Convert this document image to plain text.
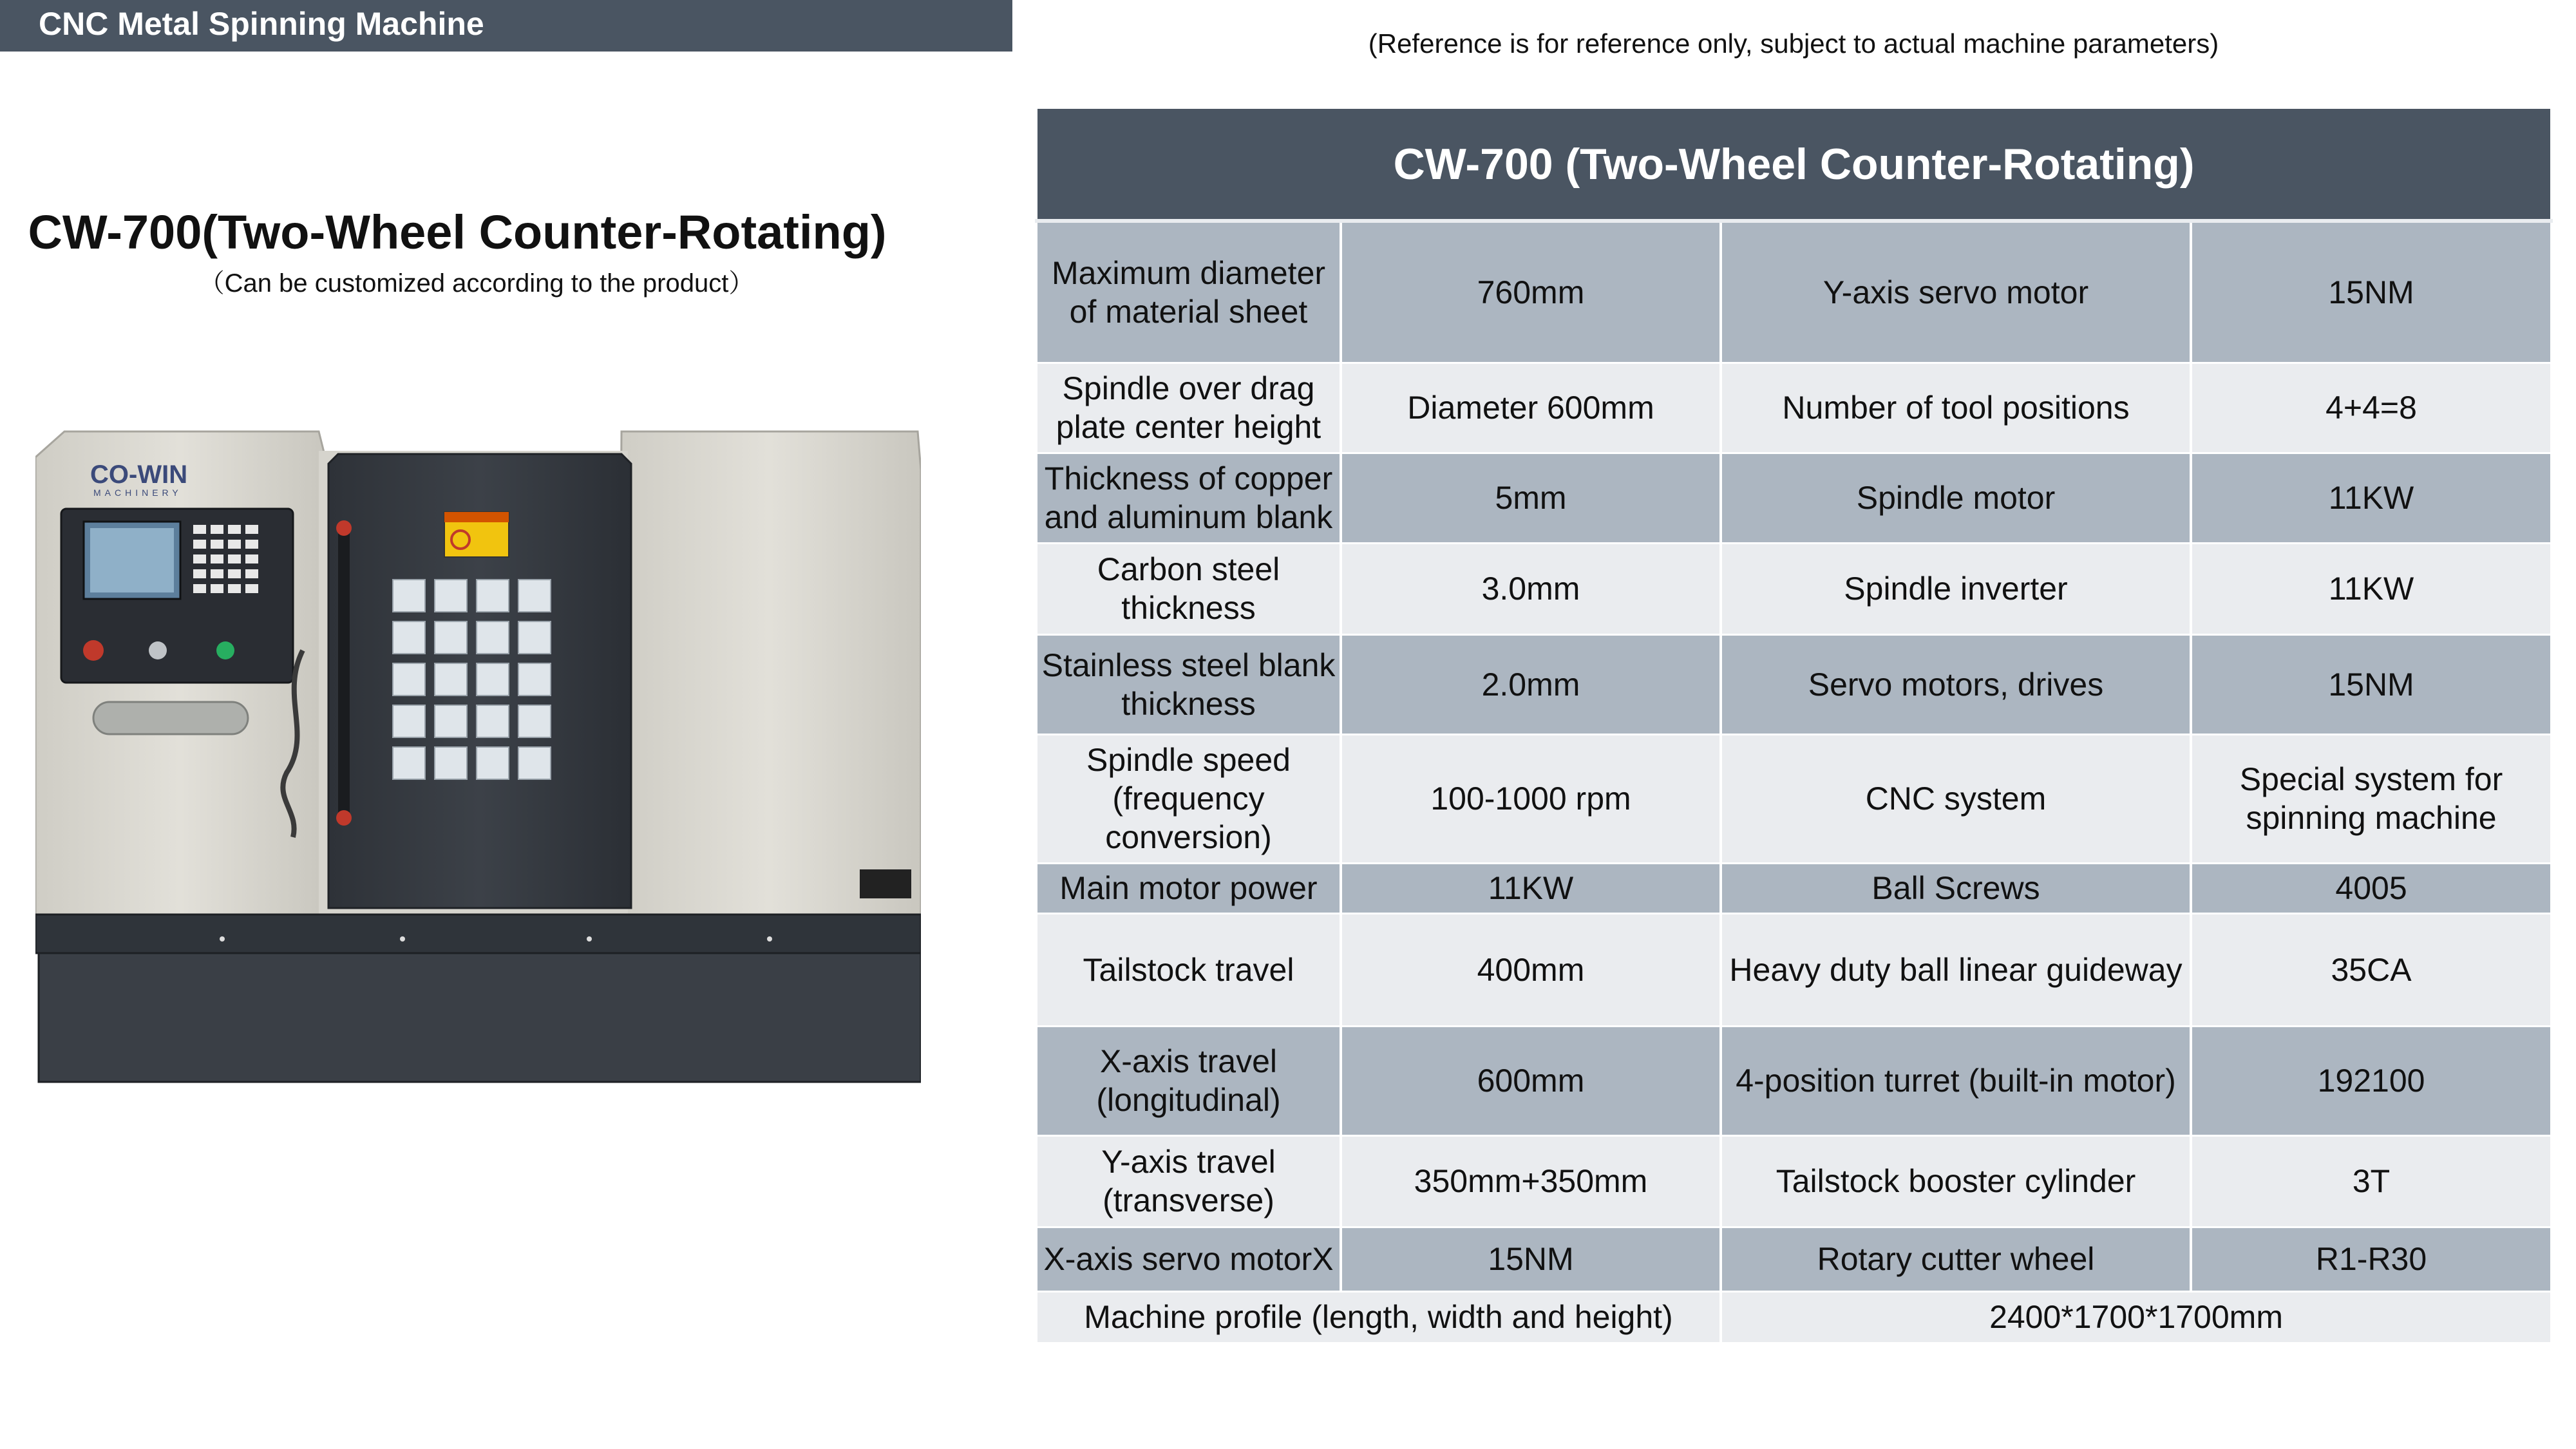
CNC Metal Spinning Machine
(Reference is for reference only, subject to actual machine parameters)
CW-700(Two-Wheel Counter-Rotating)
（Can be customized according to the product）
CO-WIN
MACHINERY
CW-700 (Two-Wheel Counter-Rotating)			
Maximum diameter of material sheet	760mm	Y-axis servo motor	15NM
Spindle over drag plate center height	Diameter 600mm	Number of tool positions	4+4=8
Thickness of copper and aluminum blank	5mm	Spindle motor	11KW
Carbon steel thickness	3.0mm	Spindle inverter	11KW
Stainless steel blank thickness	2.0mm	Servo motors, drives	15NM
Spindle speed (frequency conversion)	100-1000 rpm	CNC system	Special system for spinning machine
Main motor power	11KW	Ball Screws	4005
Tailstock travel	400mm	Heavy duty ball linear guideway	35CA
X-axis travel (longitudinal)	600mm	4-position turret (built-in motor)	192100
Y-axis travel (transverse)	350mm+350mm	Tailstock booster cylinder	3T
X-axis servo motorX	15NM	Rotary cutter wheel	R1-R30
Machine profile (length, width and height)		2400*1700*1700mm	
